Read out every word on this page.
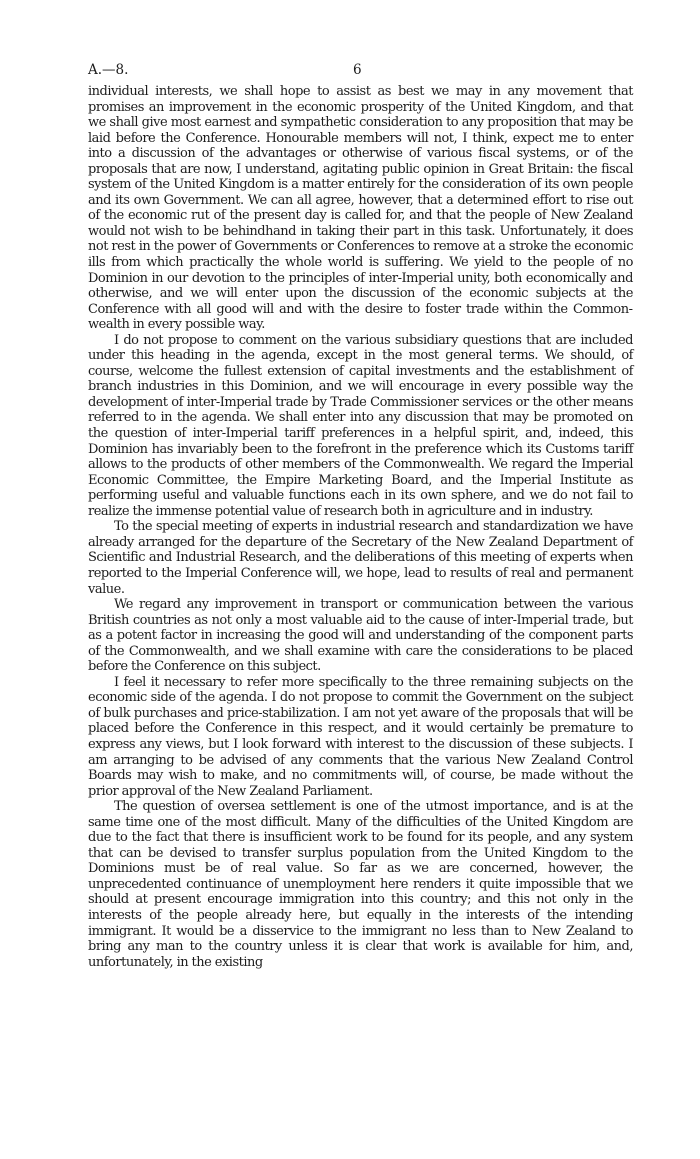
A.—8.	6

individual interests, we shall hope to assist as best we may in any movement that promises an improvement in the economic prosperity of the United Kingdom, and that we shall give most earnest and sympathetic consideration to any proposition that may be laid before the Conference. Honourable members will not, I think, expect me to enter into a discussion of the advantages or otherwise of various fiscal systems, or of the proposals that are now, I understand, agitating public opinion in Great Britain: the fiscal system of the United Kingdom is a matter entirely for the consideration of its own people and its own Government. We can all agree, however, that a determined effort to rise out of the economic rut of the present day is called for, and that the people of New Zealand would not wish to be behindhand in taking their part in this task. Unfortunately, it does not rest in the power of Governments or Conferences to remove at a stroke the economic ills from which practically the whole world is suffering. We yield to the people of no Dominion in our devotion to the principles of inter-Imperial unity, both economically and otherwise, and we will enter upon the discussion of the economic subjects at the Conference with all good will and with the desire to foster trade within the Commonwealth in every possible way.

I do not propose to comment on the various subsidiary questions that are included under this heading in the agenda, except in the most general terms. We should, of course, welcome the fullest extension of capital investments and the establishment of branch industries in this Dominion, and we will encourage in every possible way the development of inter-Imperial trade by Trade Commissioner services or the other means referred to in the agenda. We shall enter into any discussion that may be promoted on the question of inter-Imperial tariff preferences in a helpful spirit, and, indeed, this Dominion has invariably been to the forefront in the preference which its Customs tariff allows to the products of other members of the Commonwealth. We regard the Imperial Economic Committee, the Empire Marketing Board, and the Imperial Institute as performing useful and valuable functions each in its own sphere, and we do not fail to realize the immense potential value of research both in agriculture and in industry.

To the special meeting of experts in industrial research and standardization we have already arranged for the departure of the Secretary of the New Zealand Department of Scientific and Industrial Research, and the deliberations of this meeting of experts when reported to the Imperial Conference will, we hope, lead to results of real and permanent value.

We regard any improvement in transport or communication between the various British countries as not only a most valuable aid to the cause of inter-Imperial trade, but as a potent factor in increasing the good will and understanding of the component parts of the Commonwealth, and we shall examine with care the considerations to be placed before the Conference on this subject.

I feel it necessary to refer more specifically to the three remaining subjects on the economic side of the agenda. I do not propose to commit the Government on the subject of bulk purchases and price-stabilization. I am not yet aware of the proposals that will be placed before the Conference in this respect, and it would certainly be premature to express any views, but I look forward with interest to the discussion of these subjects. I am arranging to be advised of any comments that the various New Zealand Control Boards may wish to make, and no commitments will, of course, be made without the prior approval of the New Zealand Parliament.

The question of oversea settlement is one of the utmost importance, and is at the same time one of the most difficult. Many of the difficulties of the United Kingdom are due to the fact that there is insufficient work to be found for its people, and any system that can be devised to transfer surplus population from the United Kingdom to the Dominions must be of real value. So far as we are concerned, however, the unprecedented continuance of unemployment here renders it quite impossible that we should at present encourage immigration into this country; and this not only in the interests of the people already here, but equally in the interests of the intending immigrant. It would be a disservice to the immigrant no less than to New Zealand to bring any man to the country unless it is clear that work is available for him, and, unfortunately, in the existing
